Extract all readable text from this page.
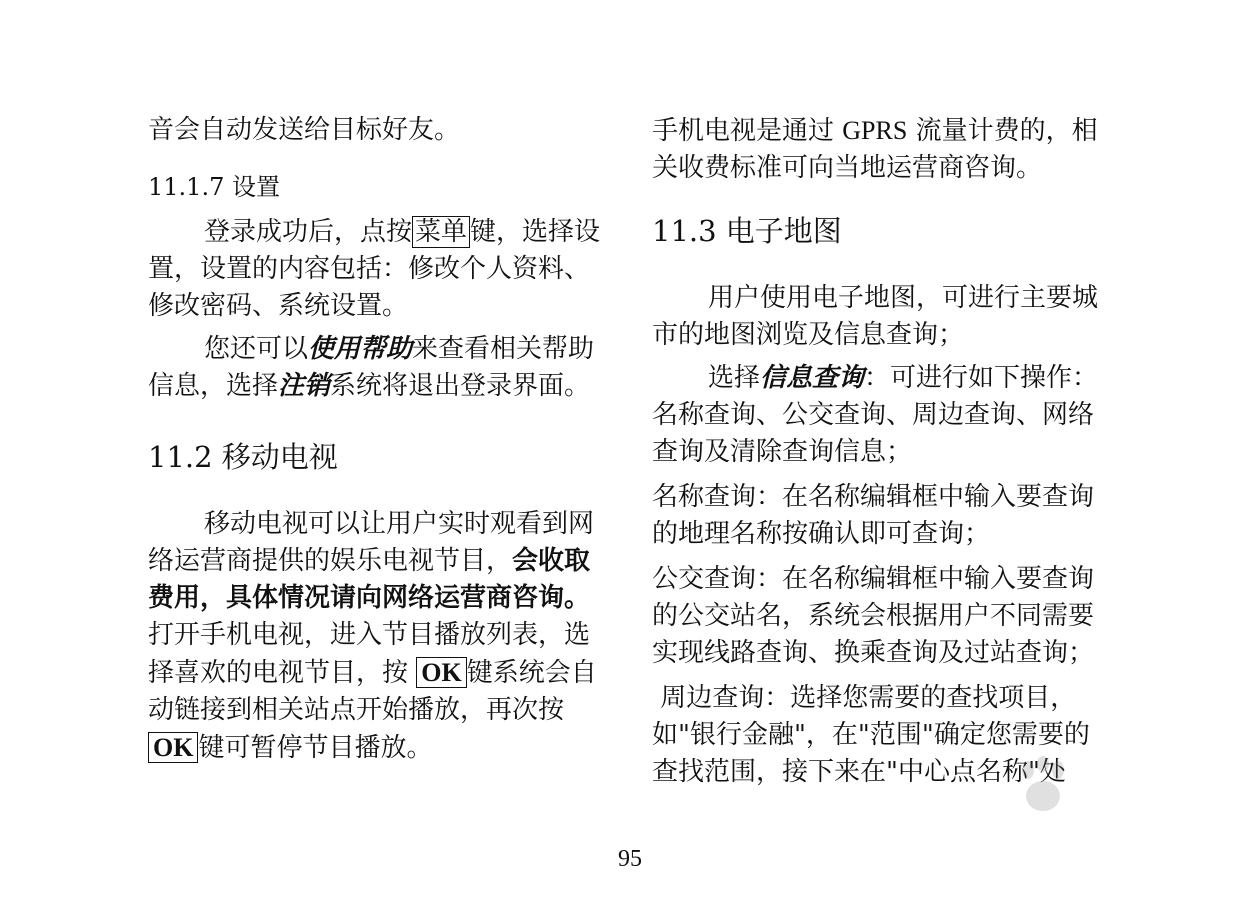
音会自动发送给目标好友。

11.1.7 设置

登录成功后，点按 菜单 键，选择设置，设置的内容包括：修改个人资料、修改密码、系统设置。

您还可以使用帮助来查看相关帮助信息，选择注销系统将退出登录界面。

11.2 移动电视

移动电视可以让用户实时观看到网络运营商提供的娱乐电视节目，会收取费用，具体情况请向网络运营商咨询。打开手机电视，进入节目播放列表，选择喜欢的电视节目，按 OK 键系统会自动链接到相关站点开始播放，再次按 OK 键可暂停节目播放。

手机电视是通过 GPRS 流量计费的，相关收费标准可向当地运营商咨询。

11.3 电子地图

用户使用电子地图，可进行主要城市的地图浏览及信息查询；

选择信息查询：可进行如下操作：名称查询、公交查询、周边查询、网络查询及清除查询信息；

名称查询：在名称编辑框中输入要查询的地理名称按确认即可查询；

公交查询：在名称编辑框中输入要查询的公交站名，系统会根据用户不同需要实现线路查询、换乘查询及过站查询；

周边查询：选择您需要的查找项目，如"银行金融"，在"范围"确定您需要的 查找范围，接下来在"中心点名称"处

95
